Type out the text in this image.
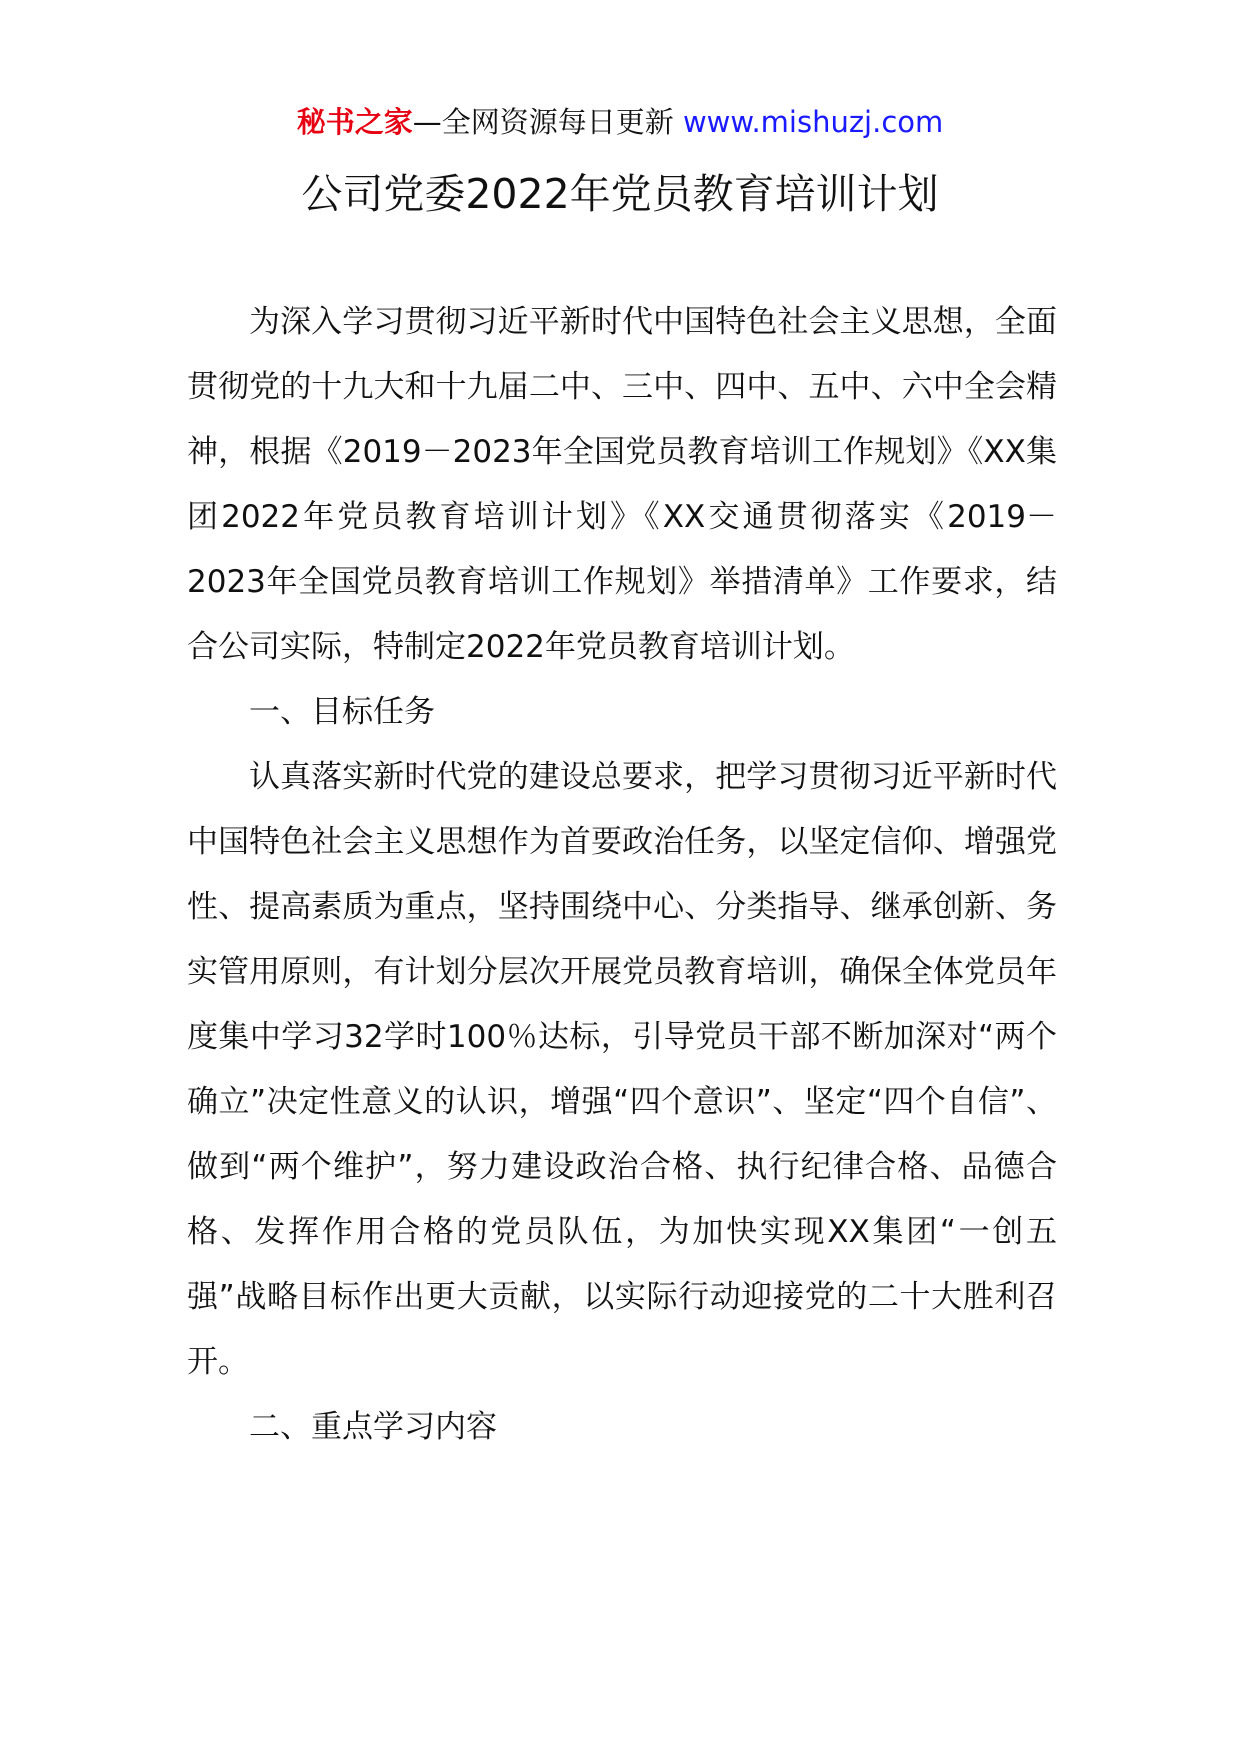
秘书之家—全网资源每日更新 www.mishuzj.com
公司党委2022年党员教育培训计划

为深入学习贯彻习近平新时代中国特色社会主义思想，全面贯彻党的十九大和十九届二中、三中、四中、五中、六中全会精神，根据《2019－2023年全国党员教育培训工作规划》《XX集团2022年党员教育培训计划》《XX交通贯彻落实《2019－2023年全国党员教育培训工作规划》举措清单》工作要求，结合公司实际，特制定2022年党员教育培训计划。

一、目标任务

认真落实新时代党的建设总要求，把学习贯彻习近平新时代中国特色社会主义思想作为首要政治任务，以坚定信仰、增强党性、提高素质为重点，坚持围绕中心、分类指导、继承创新、务实管用原则，有计划分层次开展党员教育培训，确保全体党员年度集中学习32学时100％达标，引导党员干部不断加深对“两个确立”决定性意义的认识，增强“四个意识”、坚定“四个自信”、做到“两个维护”，努力建设政治合格、执行纪律合格、品德合格、发挥作用合格的党员队伍，为加快实现XX集团“一创五强”战略目标作出更大贡献，以实际行动迎接党的二十大胜利召开。

二、重点学习内容
